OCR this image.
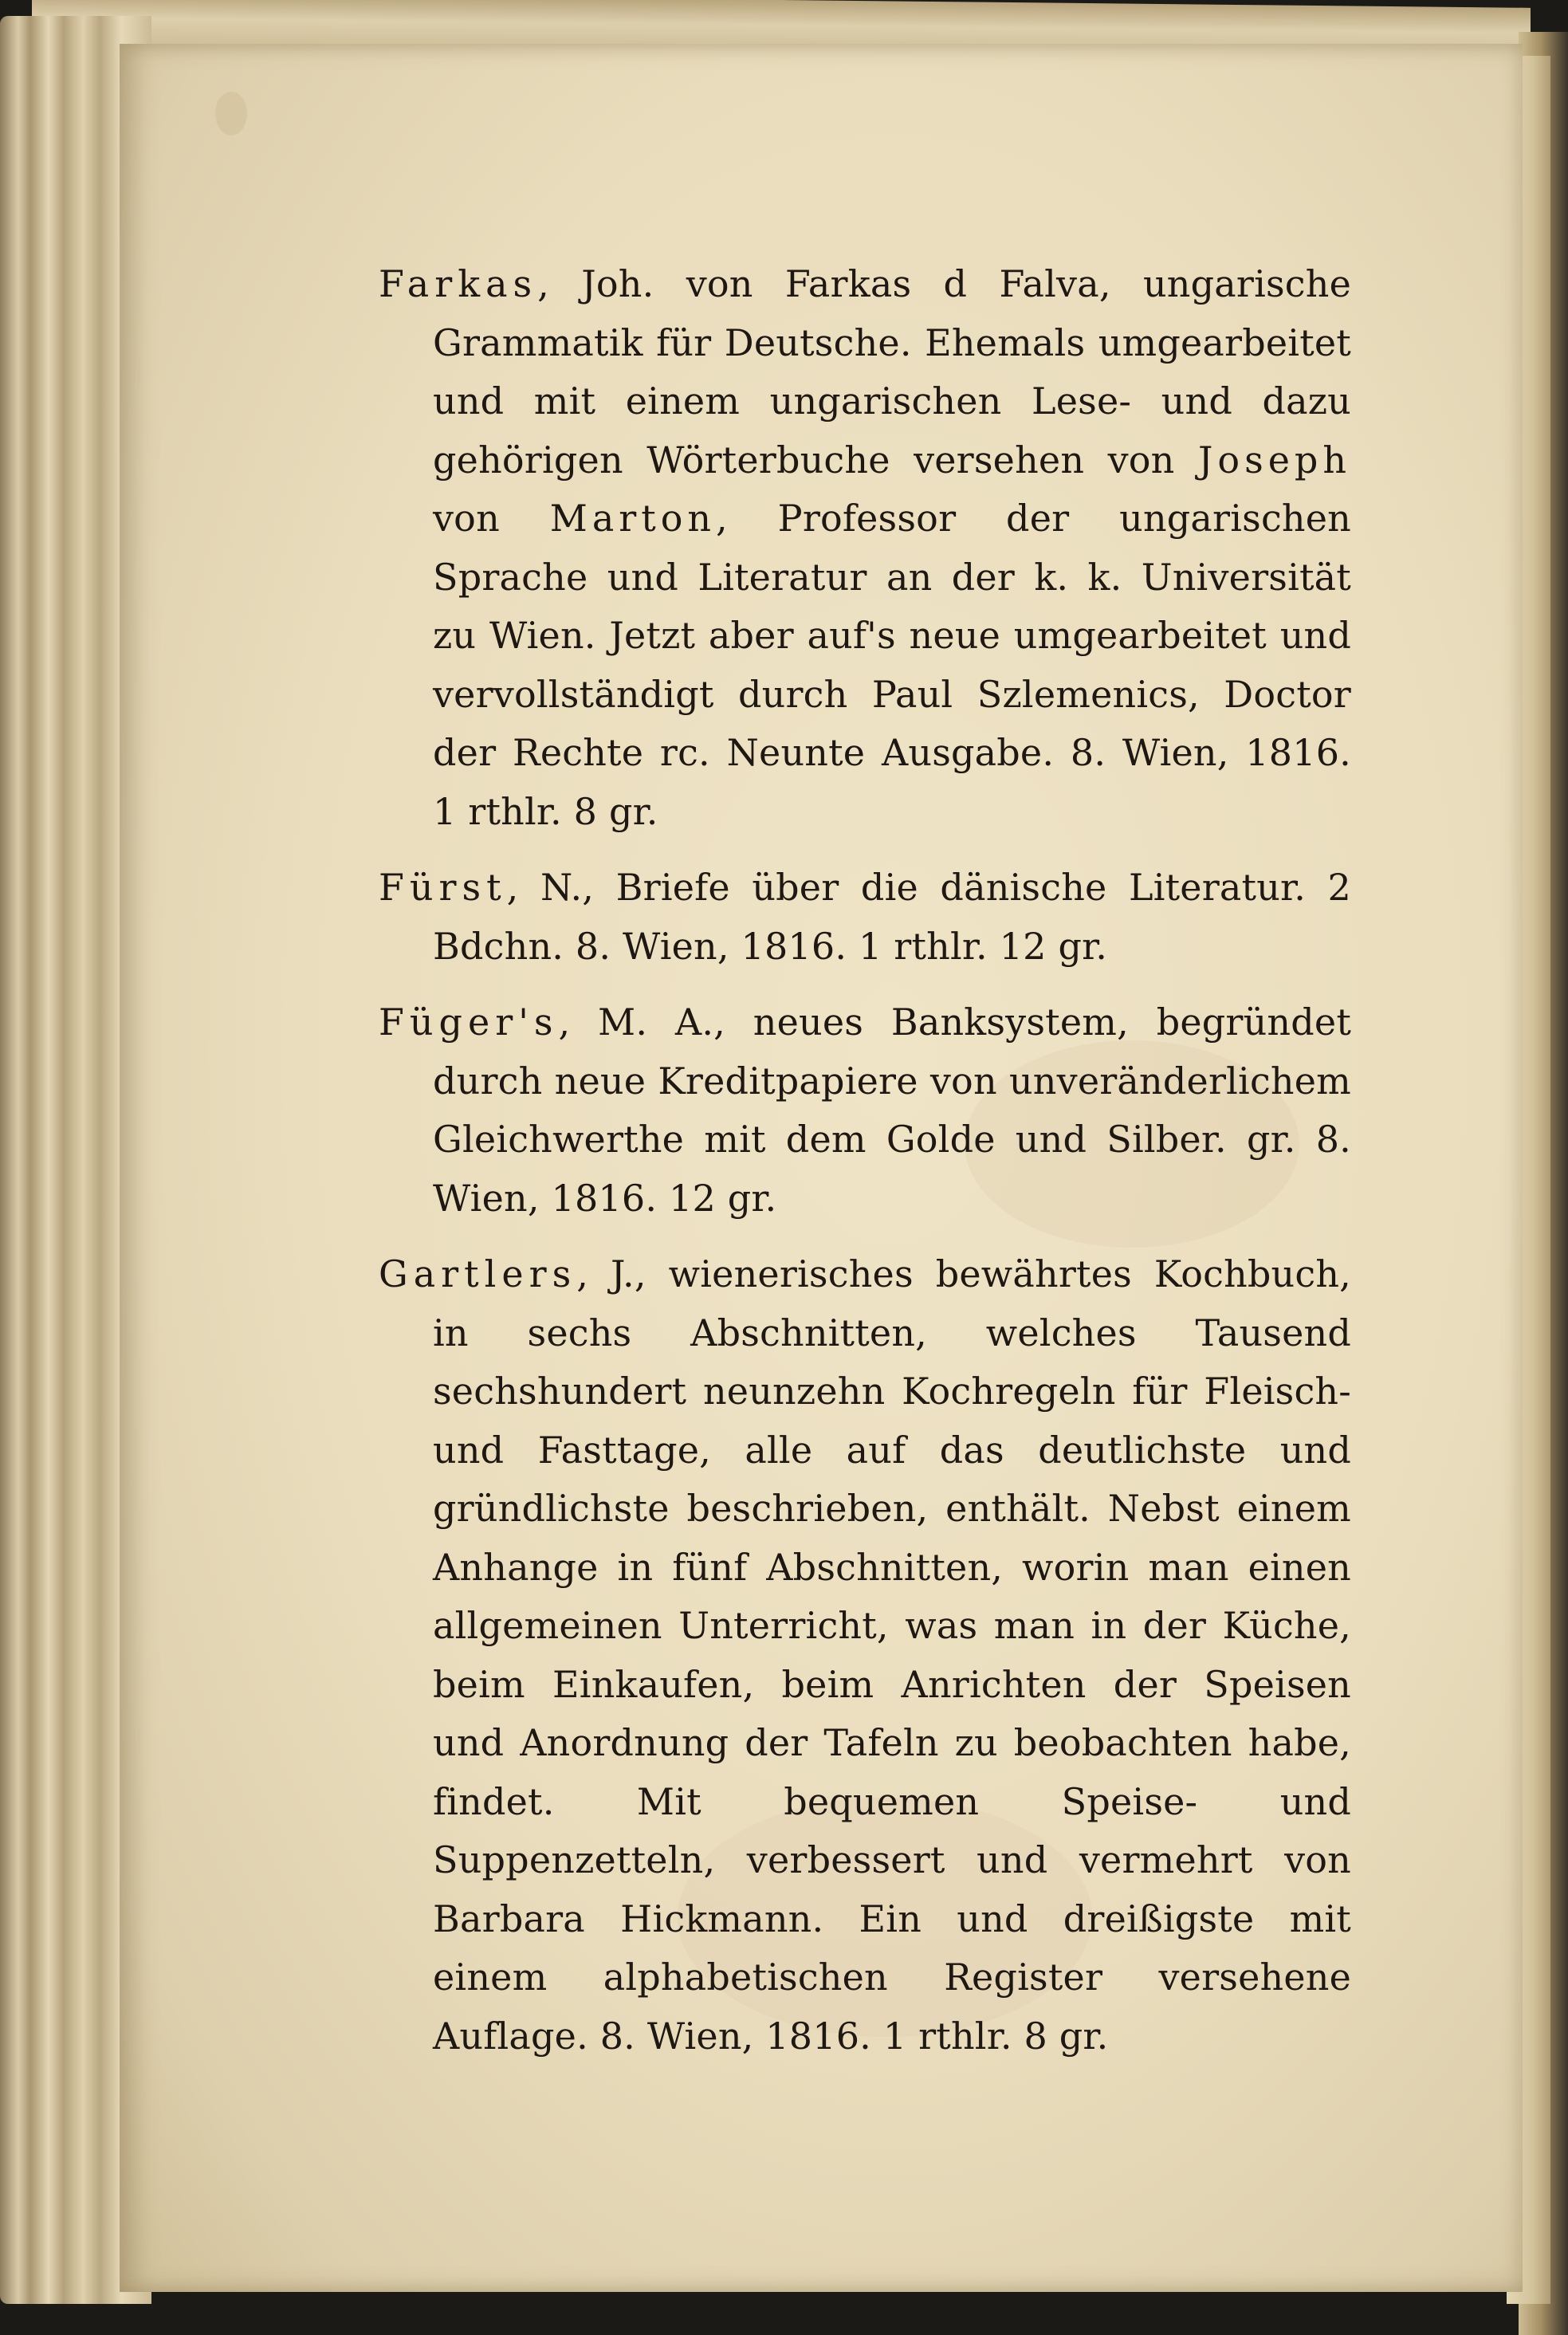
Farkas, Joh. von Farkas d Falva, ungarische Grammatik für Deutsche. Ehemals umgearbeitet und mit einem ungarischen Lese- und dazu gehörigen Wörterbuche versehen von Joseph von Marton, Professor der ungarischen Sprache und Literatur an der k. k. Universität zu Wien. Jetzt aber auf's neue umgearbeitet und vervollständigt durch Paul Szlemenics, Doctor der Rechte rc. Neunte Ausgabe. 8. Wien, 1816. 1 rthlr. 8 gr.

Fürst, N., Briefe über die dänische Literatur. 2 Bdchn. 8. Wien, 1816. 1 rthlr. 12 gr.

Füger's, M. A., neues Banksystem, begründet durch neue Kreditpapiere von unveränderlichem Gleichwerthe mit dem Golde und Silber. gr. 8. Wien, 1816. 12 gr.

Gartlers, J., wienerisches bewährtes Kochbuch, in sechs Abschnitten, welches Tausend sechshundert neunzehn Kochregeln für Fleisch- und Fasttage, alle auf das deutlichste und gründlichste beschrieben, enthält. Nebst einem Anhange in fünf Abschnitten, worin man einen allgemeinen Unterricht, was man in der Küche, beim Einkaufen, beim Anrichten der Speisen und Anordnung der Tafeln zu beobachten habe, findet. Mit bequemen Speise- und Suppenzetteln, verbessert und vermehrt von Barbara Hickmann. Ein und dreißigste mit einem alphabetischen Register versehene Auflage. 8. Wien, 1816. 1 rthlr. 8 gr.
